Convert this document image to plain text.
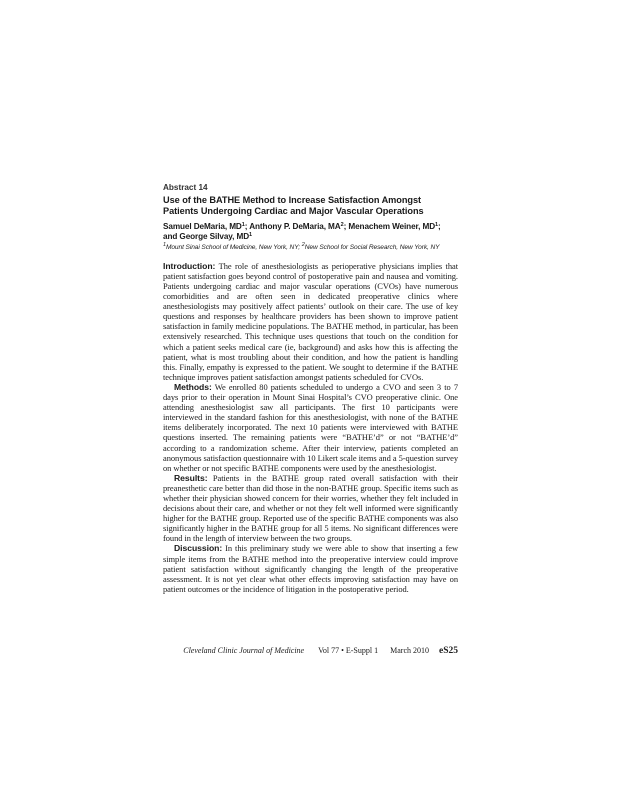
Abstract 14
Use of the BATHE Method to Increase Satisfaction Amongst Patients Undergoing Cardiac and Major Vascular Operations
Samuel DeMaria, $MD^1$; Anthony P. DeMaria, $MA^2$; Menachem Weiner, $MD^1$;
and George Silvay, $MD^1$
$^1$Mount Sinai School of Medicine, New York, NY; $^2$New School for Social Research, New York, NY

Introduction: The role of anesthesiologists as perioperative physicians implies that patient satisfaction goes beyond control of postoperative pain and nausea and vomiting. Patients undergoing cardiac and major vascular operations (CVOs) have numerous comorbidities and are often seen in dedicated preoperative clinics where anesthesiologists may positively affect patients’ outlook on their care. The use of key questions and responses by healthcare providers has been shown to improve patient satisfaction in family medicine populations. The BATHE method, in particular, has been extensively researched. This technique uses questions that touch on the condition for which a patient seeks medical care (ie, background) and asks how this is affecting the patient, what is most troubling about their condition, and how the patient is handling this. Finally, empathy is expressed to the patient. We sought to determine if the BATHE technique improves patient satisfaction amongst patients scheduled for CVOs.

Methods: We enrolled 80 patients scheduled to undergo a CVO and seen 3 to 7 days prior to their operation in Mount Sinai Hospital’s CVO preoperative clinic. One attending anesthesiologist saw all participants. The first 10 participants were interviewed in the standard fashion for this anesthesiologist, with none of the BATHE items deliberately incorporated. The next 10 patients were interviewed with BATHE questions inserted. The remaining patients were “BATHE’d” or not “BATHE’d” according to a randomization scheme. After their interview, patients completed an anonymous satisfaction questionnaire with 10 Likert scale items and a 5-question survey on whether or not specific BATHE components were used by the anesthesiologist.

Results: Patients in the BATHE group rated overall satisfaction with their preanesthetic care better than did those in the non-BATHE group. Specific items such as whether their physician showed concern for their worries, whether they felt included in decisions about their care, and whether or not they felt well informed were significantly higher for the BATHE group. Reported use of the specific BATHE components was also significantly higher in the BATHE group for all 5 items. No significant differences were found in the length of interview between the two groups.

Discussion: In this preliminary study we were able to show that inserting a few simple items from the BATHE method into the preoperative interview could improve patient satisfaction without significantly changing the length of the preoperative assessment. It is not yet clear what other effects improving satisfaction may have on patient outcomes or the incidence of litigation in the postoperative period.

Cleveland Clinic Journal of Medicine Vol 77 • E-Suppl 1 March 2010 eS25
